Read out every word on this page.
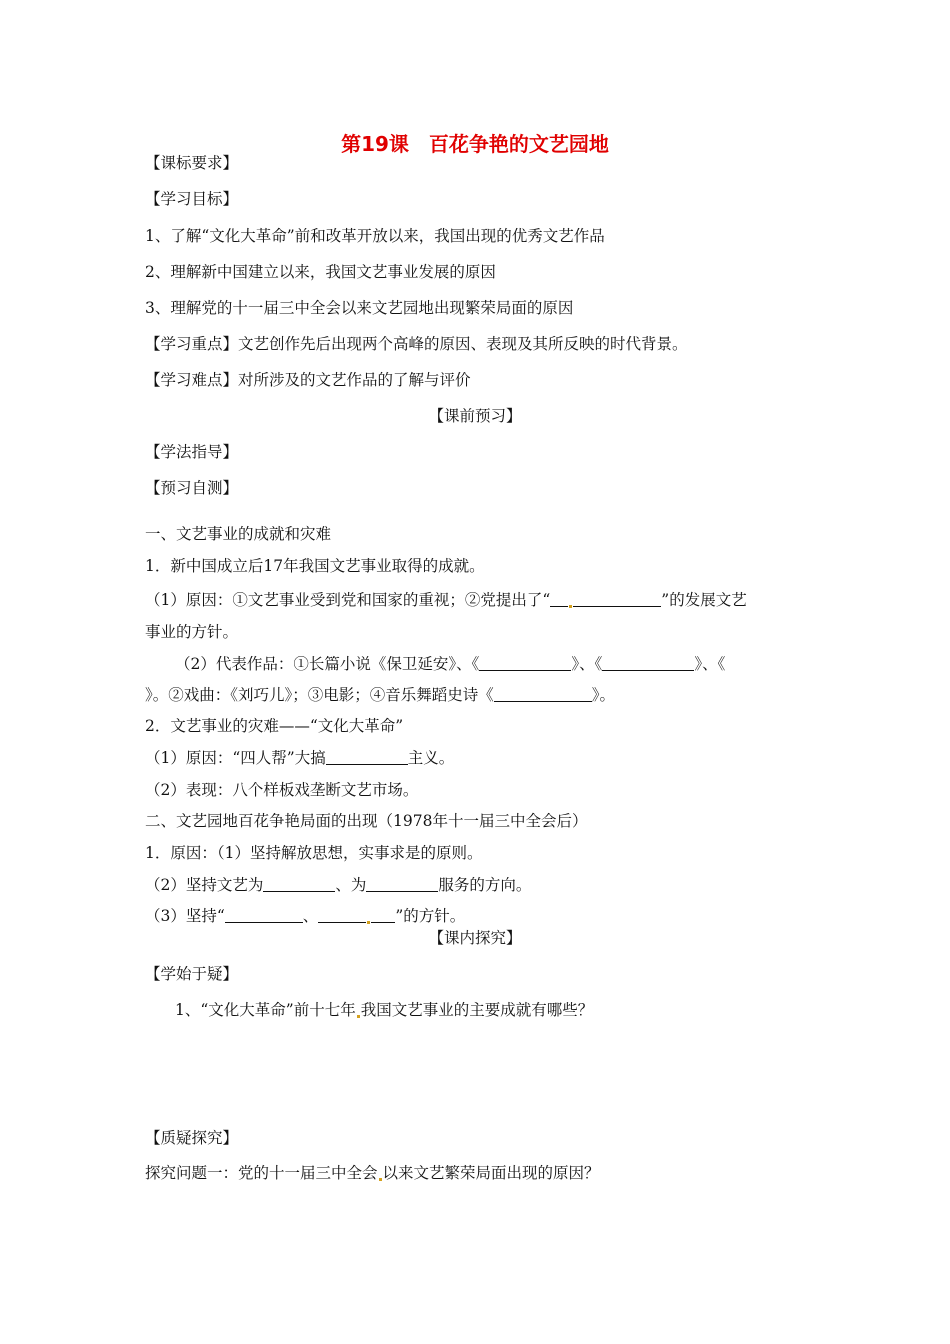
第19课　百花争艳的文艺园地
【课标要求】
【学习目标】
1、了解“文化大革命”前和改革开放以来，我国出现的优秀文艺作品
2、理解新中国建立以来，我国文艺事业发展的原因
3、理解党的十一届三中全会以来文艺园地出现繁荣局面的原因
【学习重点】文艺创作先后出现两个高峰的原因、表现及其所反映的时代背景。
【学习难点】对所涉及的文艺作品的了解与评价
【课前预习】
【学法指导】
【预习自测】
一、文艺事业的成就和灾难
1．新中国成立后17年我国文艺事业取得的成就。
（1）原因：①文艺事业受到党和国家的重视；②党提出了“	”的发展文艺
事业的方针。
（2）代表作品：①长篇小说《保卫延安》、《	》、《	》、《
》。②戏曲：《刘巧儿》；③电影；④音乐舞蹈史诗《	》。
2．文艺事业的灾难——“文化大革命”
（1）原因：“四人帮”大搞	主义。
（2）表现：八个样板戏垄断文艺市场。
二、文艺园地百花争艳局面的出现（1978年十一届三中全会后）
1．原因：（1）坚持解放思想，实事求是的原则。
（2）坚持文艺为	、为	服务的方向。
（3）坚持“	、	”的方针。
【课内探究】
【学始于疑】
1、“文化大革命”前十七年 我国文艺事业的主要成就有哪些？
【质疑探究】
探究问题一：党的十一届三中全会 以来文艺繁荣局面出现的原因？
